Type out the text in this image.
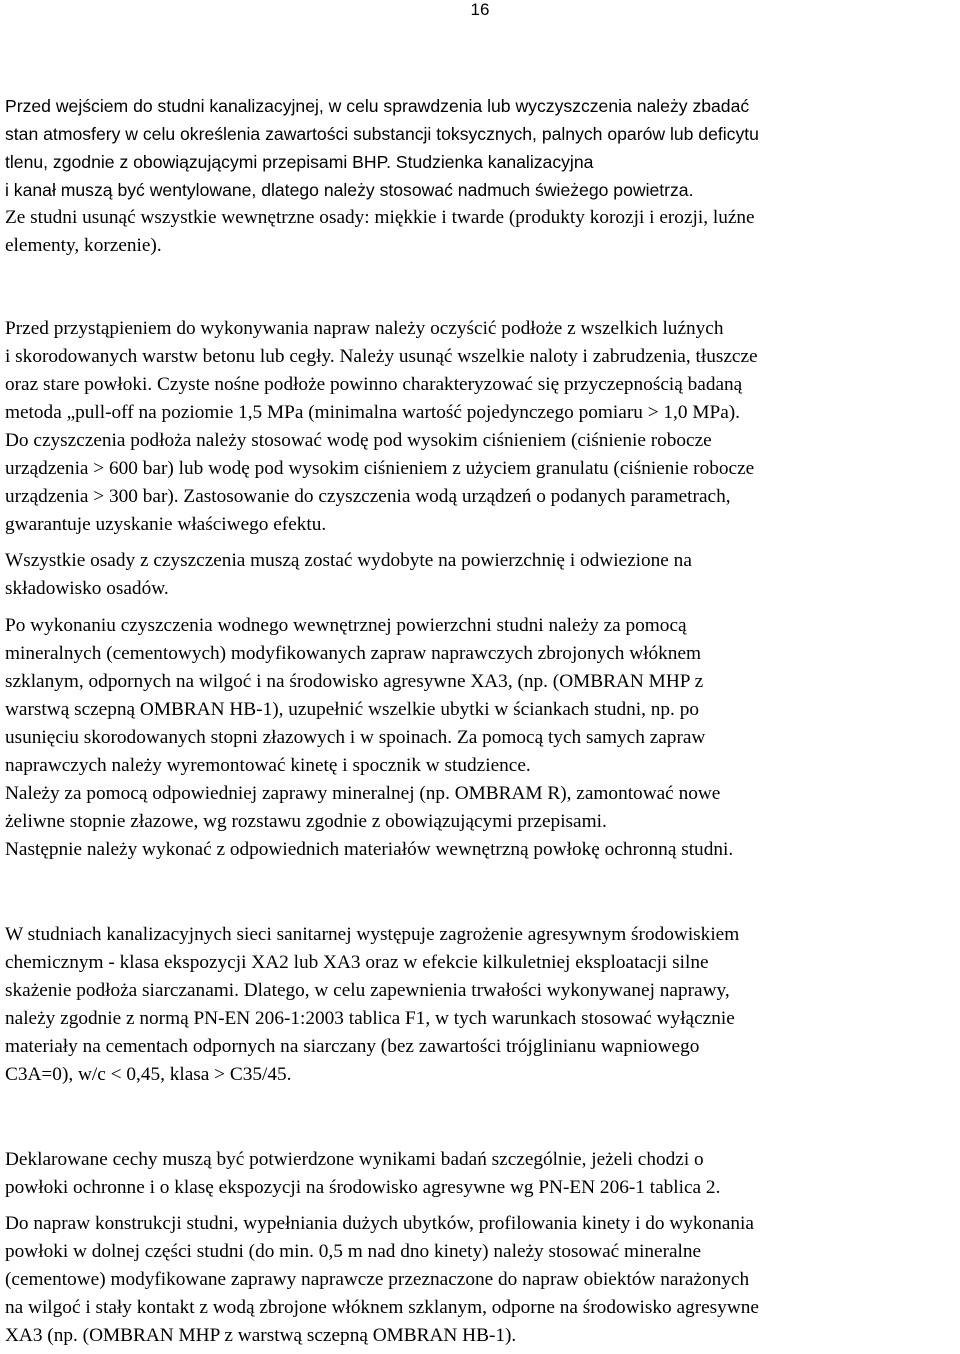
16

Przed wejściem do studni kanalizacyjnej, w celu sprawdzenia lub wyczyszczenia należy zbadać
stan atmosfery w celu określenia zawartości substancji toksycznych, palnych oparów lub deficytu
tlenu, zgodnie z obowiązującymi przepisami BHP. Studzienka kanalizacyjna
i kanał muszą być wentylowane, dlatego należy stosować nadmuch świeżego powietrza.
Ze studni usunąć wszystkie wewnętrzne osady: miękkie i twarde (produkty korozji i erozji, luźne
elementy, korzenie).

Przed przystąpieniem do wykonywania napraw należy oczyścić podłoże z wszelkich luźnych
i skorodowanych warstw betonu lub cegły. Należy usunąć wszelkie naloty i zabrudzenia, tłuszcze
oraz stare powłoki. Czyste nośne podłoże powinno charakteryzować się przyczepnością badaną
metoda „pull-off na poziomie 1,5 MPa (minimalna wartość pojedynczego pomiaru > 1,0 MPa).
Do czyszczenia podłoża należy stosować wodę pod wysokim ciśnieniem (ciśnienie robocze
urządzenia > 600 bar) lub wodę pod wysokim ciśnieniem z użyciem granulatu (ciśnienie robocze
urządzenia > 300 bar). Zastosowanie do czyszczenia wodą urządzeń o podanych parametrach,
gwarantuje uzyskanie właściwego efektu.

Wszystkie osady z czyszczenia muszą zostać wydobyte na powierzchnię i odwiezione na
składowisko osadów.

Po wykonaniu czyszczenia wodnego wewnętrznej powierzchni studni należy za pomocą
mineralnych (cementowych) modyfikowanych zapraw naprawczych zbrojonych włóknem
szklanym, odpornych na wilgoć i na środowisko agresywne XA3, (np. (OMBRAN MHP z
warstwą sczepną OMBRAN HB-1), uzupełnić wszelkie ubytki w ściankach studni, np. po
usunięciu skorodowanych stopni złazowych i w spoinach. Za pomocą tych samych zapraw
naprawczych należy wyremontować kinetę i spocznik w studzience.
Należy za pomocą odpowiedniej zaprawy mineralnej (np. OMBRAM R), zamontować nowe
żeliwne stopnie złazowe, wg rozstawu zgodnie z obowiązującymi przepisami.
Następnie należy wykonać z odpowiednich materiałów wewnętrzną powłokę ochronną studni.

W studniach kanalizacyjnych sieci sanitarnej występuje zagrożenie agresywnym środowiskiem
chemicznym - klasa ekspozycji XA2 lub XA3 oraz w efekcie kilkuletniej eksploatacji silne
skażenie podłoża siarczanami. Dlatego, w celu zapewnienia trwałości wykonywanej naprawy,
należy zgodnie z normą PN-EN 206-1:2003 tablica F1, w tych warunkach stosować wyłącznie
materiały na cementach odpornych na siarczany (bez zawartości trójglinianu wapniowego
C3A=0), w/c < 0,45, klasa > C35/45.

Deklarowane cechy muszą być potwierdzone wynikami badań szczególnie, jeżeli chodzi o
powłoki ochronne i o klasę ekspozycji na środowisko agresywne wg PN-EN 206-1 tablica 2.

Do napraw konstrukcji studni, wypełniania dużych ubytków, profilowania kinety i do wykonania
powłoki w dolnej części studni (do min. 0,5 m nad dno kinety) należy stosować mineralne
(cementowe) modyfikowane zaprawy naprawcze przeznaczone do napraw obiektów narażonych
na wilgoć i stały kontakt z wodą zbrojone włóknem szklanym, odporne na środowisko agresywne
XA3 (np. (OMBRAN MHP z warstwą sczepną OMBRAN HB-1).
